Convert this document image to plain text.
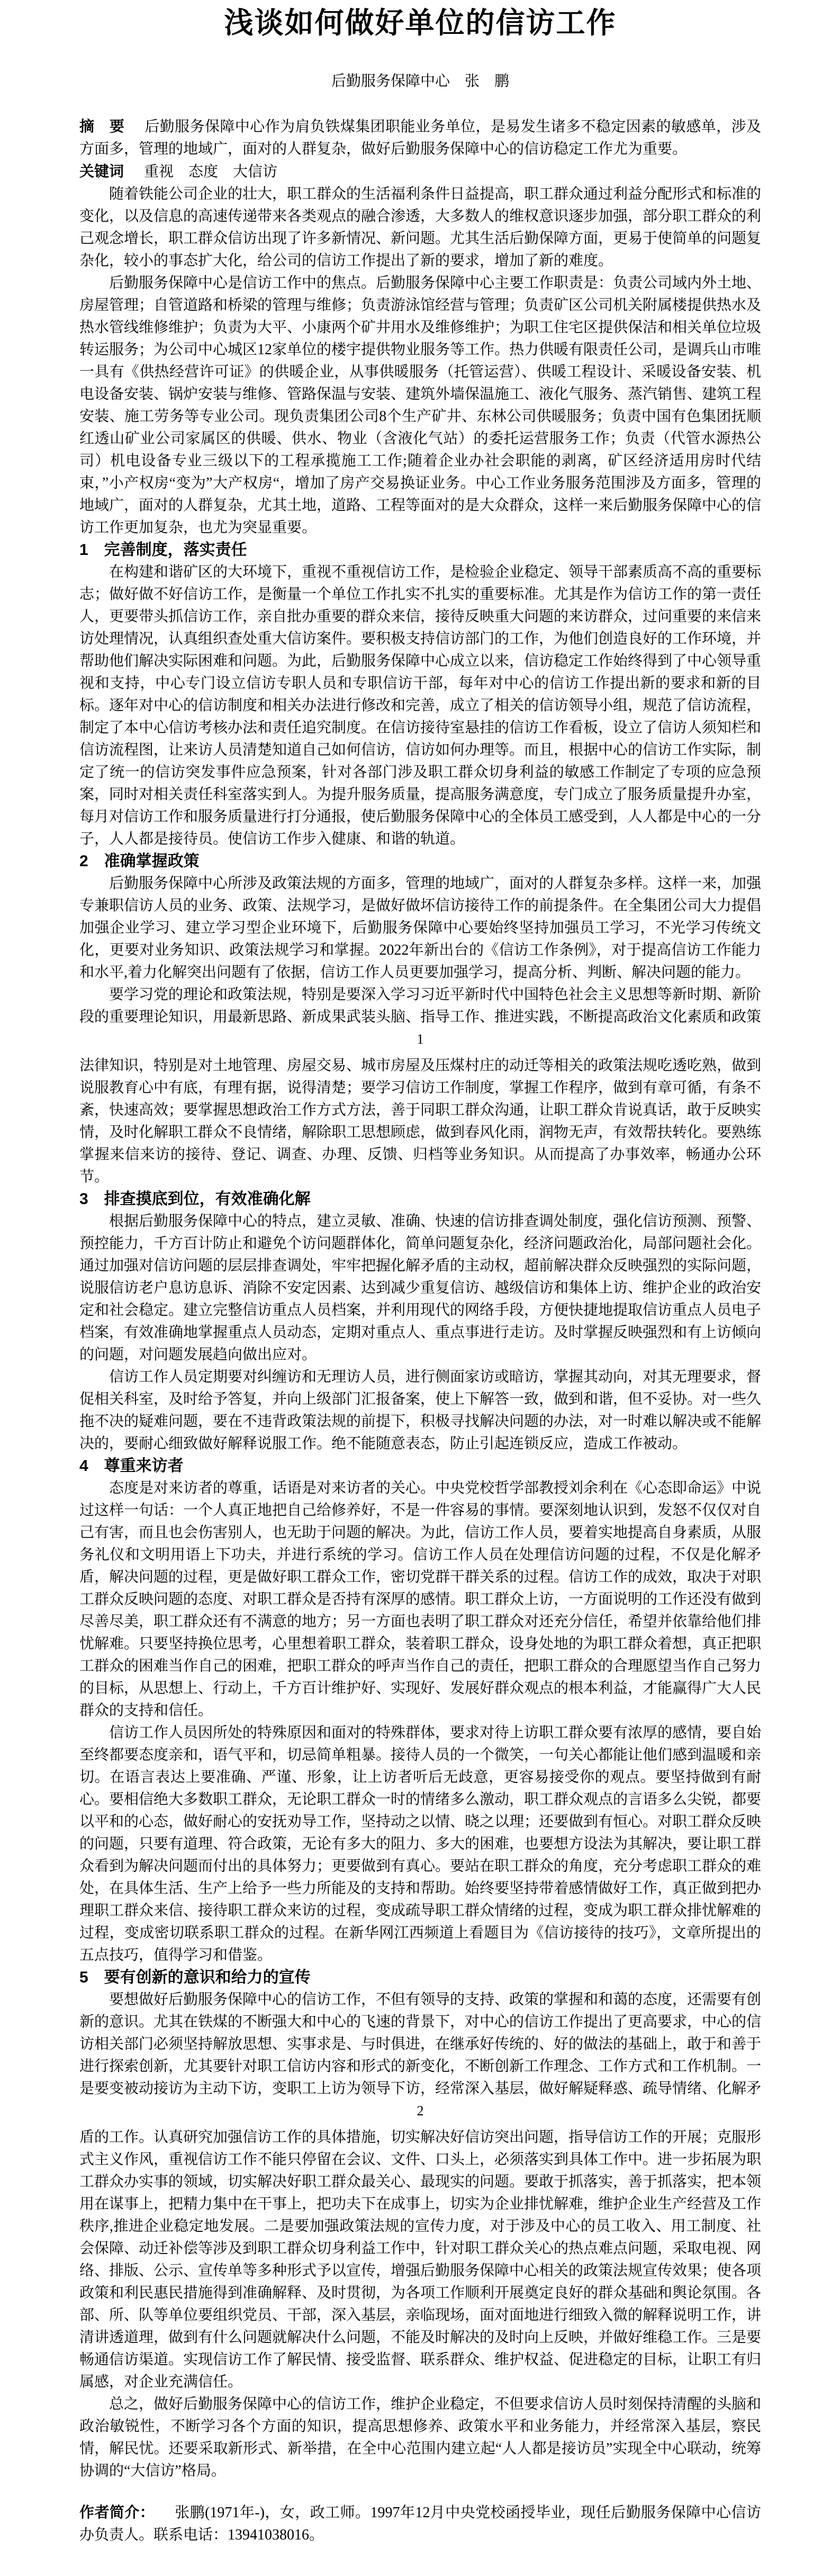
浅谈如何做好单位的信访工作

后勤服务保障中心　张　鹏

摘　要 后勤服务保障中心作为肩负铁煤集团职能业务单位，是易发生诸多不稳定因素的敏感单，涉及方面多，管理的地域广，面对的人群复杂，做好后勤服务保障中心的信访稳定工作尤为重要。

关键词 重视　态度　大信访

随着铁能公司企业的壮大，职工群众的生活福利条件日益提高，职工群众通过利益分配形式和标准的变化，以及信息的高速传递带来各类观点的融合渗透，大多数人的维权意识逐步加强，部分职工群众的利己观念增长，职工群众信访出现了许多新情况、新问题。尤其生活后勤保障方面，更易于使简单的问题复杂化，较小的事态扩大化，给公司的信访工作提出了新的要求，增加了新的难度。

后勤服务保障中心是信访工作中的焦点。后勤服务保障中心主要工作职责是：负责公司域内外土地、房屋管理；自管道路和桥梁的管理与维修；负责游泳馆经营与管理；负责矿区公司机关附属楼提供热水及热水管线维修维护；负责为大平、小康两个矿井用水及维修维护；为职工住宅区提供保洁和相关单位垃圾转运服务；为公司中心城区12家单位的楼宇提供物业服务等工作。热力供暖有限责任公司，是调兵山市唯一具有《供热经营许可证》的供暖企业，从事供暖服务（托管运营）、供暖工程设计、采暖设备安装、机电设备安装、锅炉安装与维修、管路保温与安装、建筑外墙保温施工、液化气服务、蒸汽销售、建筑工程安装、施工劳务等专业公司。现负责集团公司8个生产矿井、东林公司供暖服务；负责中国有色集团抚顺红透山矿业公司家属区的供暖、供水、物业（含液化气站）的委托运营服务工作；负责（代管水源热公司）机电设备专业三级以下的工程承揽施工工作;随着企业办社会职能的剥离，矿区经济适用房时代结束，”小产权房“变为”大产权房“，增加了房产交易换证业务。中心工作业务服务范围涉及方面多，管理的地域广，面对的人群复杂，尤其土地，道路、工程等面对的是大众群众，这样一来后勤服务保障中心的信访工作更加复杂，也尤为突显重要。

1　完善制度，落实责任

在构建和谐矿区的大环境下，重视不重视信访工作，是检验企业稳定、领导干部素质高不高的重要标志；做好做不好信访工作，是衡量一个单位工作扎实不扎实的重要标准。尤其是作为信访工作的第一责任人，更要带头抓信访工作，亲自批办重要的群众来信，接待反映重大问题的来访群众，过问重要的来信来访处理情况，认真组织查处重大信访案件。要积极支持信访部门的工作，为他们创造良好的工作环境，并帮助他们解决实际困难和问题。为此，后勤服务保障中心成立以来，信访稳定工作始终得到了中心领导重视和支持，中心专门设立信访专职人员和专职信访干部，每年对中心的信访工作提出新的要求和新的目标。逐年对中心的信访制度和相关办法进行修改和完善，成立了相关的信访领导小组，规范了信访流程，制定了本中心信访考核办法和责任追究制度。在信访接待室悬挂的信访工作看板，设立了信访人须知栏和信访流程图，让来访人员清楚知道自己如何信访，信访如何办理等。而且，根据中心的信访工作实际，制定了统一的信访突发事件应急预案，针对各部门涉及职工群众切身利益的敏感工作制定了专项的应急预案，同时对相关责任科室落实到人。为提升服务质量，提高服务满意度，专门成立了服务质量提升办室，每月对信访工作和服务质量进行打分通报，使后勤服务保障中心的全体员工感受到，人人都是中心的一分子，人人都是接待员。使信访工作步入健康、和谐的轨道。

2　准确掌握政策

后勤服务保障中心所涉及政策法规的方面多，管理的地域广，面对的人群复杂多样。这样一来，加强专兼职信访人员的业务、政策、法规学习，是做好做坏信访接待工作的前提条件。在全集团公司大力提倡加强企业学习、建立学习型企业环境下，后勤服务保障中心要始终坚持加强员工学习，不光学习传统文化，更要对业务知识、政策法规学习和掌握。2022年新出台的《信访工作条例》，对于提高信访工作能力和水平,着力化解突出问题有了依据，信访工作人员更要加强学习，提高分析、判断、解决问题的能力。

要学习党的理论和政策法规，特别是要深入学习习近平新时代中国特色社会主义思想等新时期、新阶段的重要理论知识，用最新思路、新成果武装头脑、指导工作、推进实践，不断提高政治文化素质和政策

1

法律知识，特别是对土地管理、房屋交易、城市房屋及压煤村庄的动迁等相关的政策法规吃透吃熟，做到说服教育心中有底，有理有据，说得清楚；要学习信访工作制度，掌握工作程序，做到有章可循，有条不紊，快速高效；要掌握思想政治工作方式方法，善于同职工群众沟通，让职工群众肯说真话，敢于反映实情，及时化解职工群众不良情绪，解除职工思想顾虑，做到春风化雨，润物无声，有效帮扶转化。要熟练掌握来信来访的接待、登记、调查、办理、反馈、归档等业务知识。从而提高了办事效率，畅通办公环节。

3　排查摸底到位，有效准确化解

根据后勤服务保障中心的特点，建立灵敏、准确、快速的信访排查调处制度，强化信访预测、预警、预控能力，千方百计防止和避免个访问题群体化，简单问题复杂化，经济问题政治化，局部问题社会化。通过加强对信访问题的层层排查调处，牢牢把握化解矛盾的主动权，超前解决群众反映强烈的实际问题，说服信访老户息访息诉、消除不安定因素、达到减少重复信访、越级信访和集体上访、维护企业的政治安定和社会稳定。建立完整信访重点人员档案，并利用现代的网络手段，方便快捷地提取信访重点人员电子档案，有效准确地掌握重点人员动态，定期对重点人、重点事进行走访。及时掌握反映强烈和有上访倾向的问题，对问题发展趋向做出应对。

信访工作人员定期要对纠缠访和无理访人员，进行侧面家访或暗访，掌握其动向，对其无理要求，督促相关科室，及时给予答复，并向上级部门汇报备案，使上下解答一致，做到和谐，但不妥协。对一些久拖不决的疑难问题，要在不违背政策法规的前提下，积极寻找解决问题的办法，对一时难以解决或不能解决的，要耐心细致做好解释说服工作。绝不能随意表态，防止引起连锁反应，造成工作被动。

4　尊重来访者

态度是对来访者的尊重，话语是对来访者的关心。中央党校哲学部教授刘余利在《心态即命运》中说过这样一句话：一个人真正地把自己给修养好，不是一件容易的事情。要深刻地认识到，发怒不仅仅对自己有害，而且也会伤害别人，也无助于问题的解决。为此，信访工作人员，要着实地提高自身素质，从服务礼仪和文明用语上下功夫，并进行系统的学习。信访工作人员在处理信访问题的过程，不仅是化解矛盾，解决问题的过程，更是做好职工群众工作，密切党群干群关系的过程。信访工作的成效，取决于对职工群众反映问题的态度、对职工群众是否持有深厚的感情。职工群众上访，一方面说明的工作还没有做到尽善尽美，职工群众还有不满意的地方；另一方面也表明了职工群众对还充分信任，希望并依靠给他们排忧解难。只要坚持换位思考，心里想着职工群众，装着职工群众，设身处地的为职工群众着想，真正把职工群众的困难当作自己的困难，把职工群众的呼声当作自己的责任，把职工群众的合理愿望当作自己努力的目标，从思想上、行动上，千方百计维护好、实现好、发展好群众观点的根本利益，才能赢得广大人民群众的支持和信任。

信访工作人员因所处的特殊原因和面对的特殊群体，要求对待上访职工群众要有浓厚的感情，要自始至终都要态度亲和，语气平和，切忌简单粗暴。接待人员的一个微笑，一句关心都能让他们感到温暖和亲切。在语言表达上要准确、严谨、形象，让上访者听后无歧意，更容易接受你的观点。要坚持做到有耐心。要相信绝大多数职工群众，无论职工群众一时的情绪多么激动，职工群众观点的言语多么尖锐，都要以平和的心态，做好耐心的安抚劝导工作，坚持动之以情、晓之以理；还要做到有恒心。对职工群众反映的问题，只要有道理、符合政策，无论有多大的阻力、多大的困难，也要想方设法为其解决，要让职工群众看到为解决问题而付出的具体努力；更要做到有真心。要站在职工群众的角度，充分考虑职工群众的难处，在具体生活、生产上给予一些力所能及的支持和帮助。始终要坚持带着感情做好工作，真正做到把办理职工群众来信、接待职工群众来访的过程，变成疏导职工群众情绪的过程，变成为职工群众排忧解难的过程，变成密切联系职工群众的过程。在新华网江西频道上看题目为《信访接待的技巧》，文章所提出的五点技巧，值得学习和借鉴。

5　要有创新的意识和给力的宣传

要想做好后勤服务保障中心的信访工作，不但有领导的支持、政策的掌握和和蔼的态度，还需要有创新的意识。尤其在铁煤的不断强大和中心的飞速的背景下，对中心的信访工作提出了更高要求，中心的信访相关部门必须坚持解放思想、实事求是、与时俱进，在继承好传统的、好的做法的基础上，敢于和善于进行探索创新，尤其要针对职工信访内容和形式的新变化，不断创新工作理念、工作方式和工作机制。一是要变被动接访为主动下访，变职工上访为领导下访，经常深入基层，做好解疑释惑、疏导情绪、化解矛

2

盾的工作。认真研究加强信访工作的具体措施，切实解决好信访突出问题，指导信访工作的开展；克服形式主义作风，重视信访工作不能只停留在会议、文件、口头上，必须落实到具体工作中。进一步拓展为职工群众办实事的领域，切实解决好职工群众最关心、最现实的问题。要敢于抓落实，善于抓落实，把本领用在谋事上，把精力集中在干事上，把功夫下在成事上，切实为企业排忧解难，维护企业生产经营及工作秩序,推进企业稳定地发展。二是要加强政策法规的宣传力度，对于涉及中心的员工收入、用工制度、社会保障、动迁补偿等涉及到职工群众切身利益工作中，针对职工群众关心的热点难点问题，采取电视、网络、排版、公示、宣传单等多种形式予以宣传，增强后勤服务保障中心相关的政策法规宣传效果；使各项政策和利民惠民措施得到准确解释、及时贯彻，为各项工作顺利开展奠定良好的群众基础和舆论氛围。各部、所、队等单位要组织党员、干部，深入基层，亲临现场，面对面地进行细致入微的解释说明工作，讲清讲透道理，做到有什么问题就解决什么问题，不能及时解决的及时向上反映，并做好维稳工作。三是要畅通信访渠道。实现信访工作了解民情、接受监督、联系群众、维护权益、促进稳定的目标，让职工有归属感，对企业充满信任。

总之，做好后勤服务保障中心的信访工作，维护企业稳定，不但要求信访人员时刻保持清醒的头脑和政治敏锐性，不断学习各个方面的知识，提高思想修养、政策水平和业务能力，并经常深入基层，察民情，解民忧。还要采取新形式、新举措，在全中心范围内建立起“人人都是接访员”实现全中心联动，统筹协调的“大信访”格局。

作者简介： 张鹏(1971年-)，女，政工师。1997年12月中央党校函授毕业，现任后勤服务保障中心信访办负责人。联系电话：13941038016。
